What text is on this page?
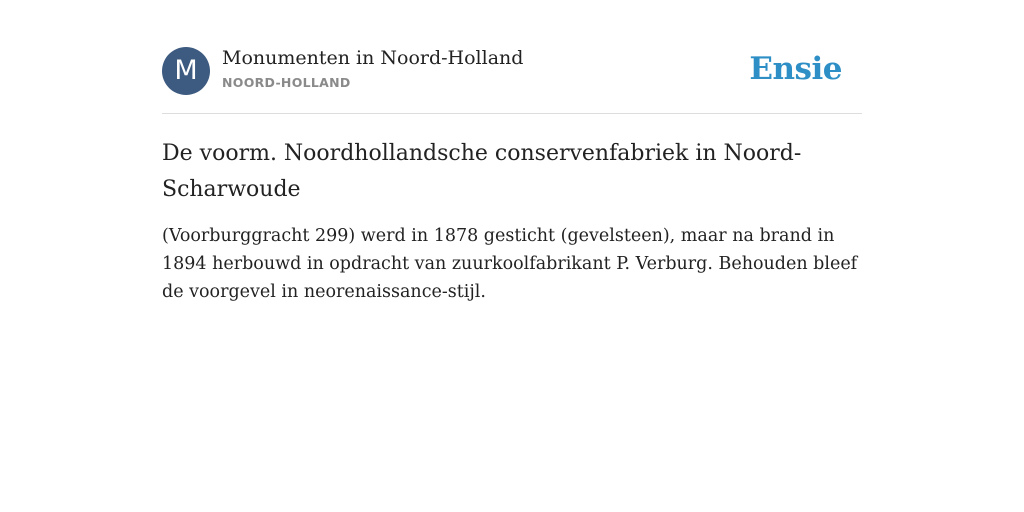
M	Monumenten in Noord-Holland
NOORD-HOLLAND	Ensie
De voorm. Noordhollandsche conservenfabriek in Noord-Scharwoude

(Voorburggracht 299) werd in 1878 gesticht (gevelsteen), maar na brand in 1894 herbouwd in opdracht van zuurkoolfabrikant P. Verburg. Behouden bleef de voorgevel in neorenaissance-stijl.
